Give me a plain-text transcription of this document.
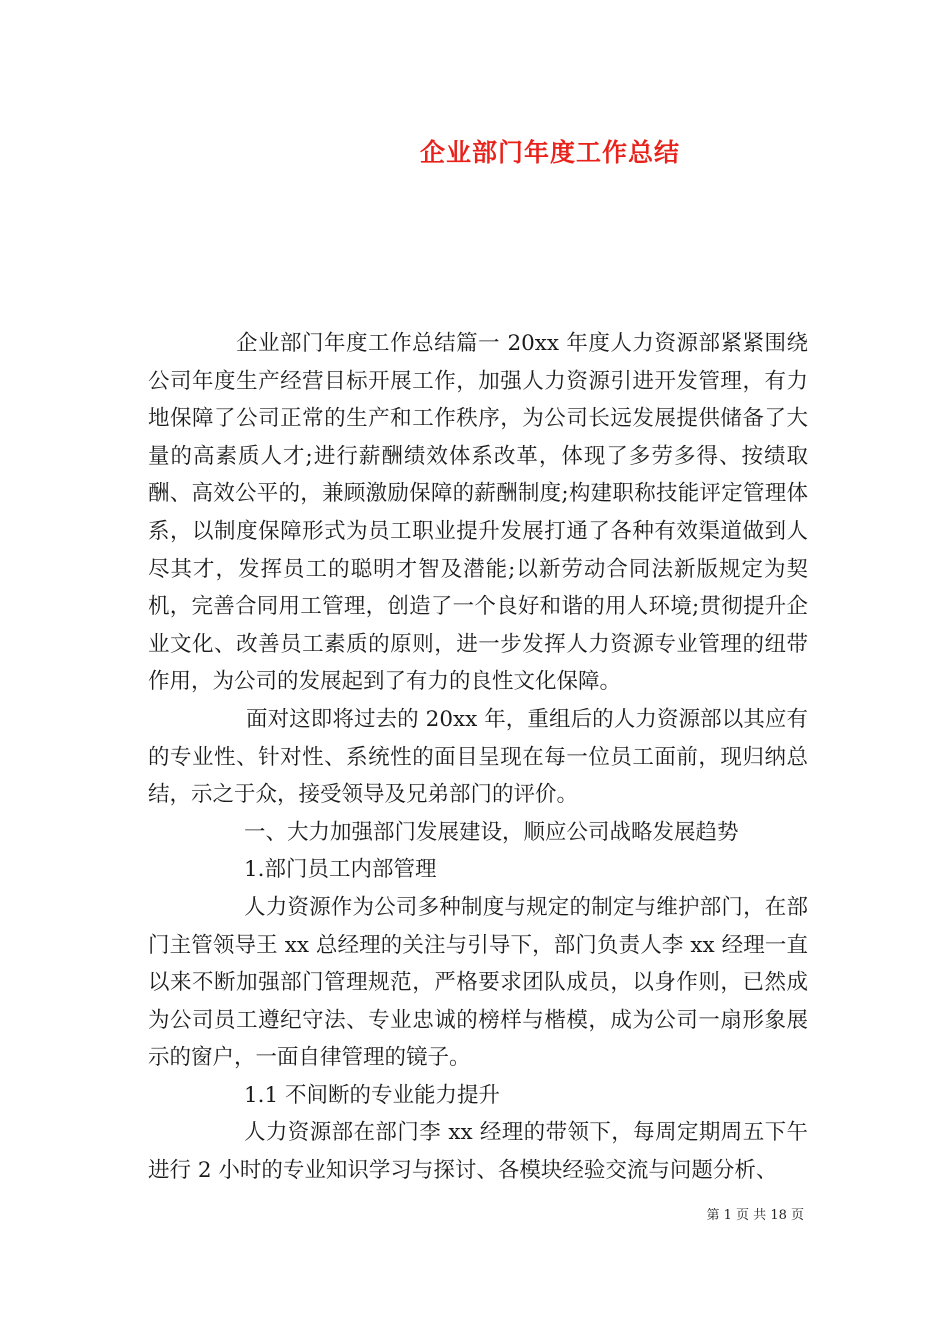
企业部门年度工作总结

企业部门年度工作总结篇一 20xx 年度人力资源部紧紧围绕公司年度生产经营目标开展工作，加强人力资源引进开发管理，有力地保障了公司正常的生产和工作秩序，为公司长远发展提供储备了大量的高素质人才;进行薪酬绩效体系改革，体现了多劳多得、按绩取酬、高效公平的，兼顾激励保障的薪酬制度;构建职称技能评定管理体系，以制度保障形式为员工职业提升发展打通了各种有效渠道做到人尽其才，发挥员工的聪明才智及潜能;以新劳动合同法新版规定为契机，完善合同用工管理，创造了一个良好和谐的用人环境;贯彻提升企业文化、改善员工素质的原则，进一步发挥人力资源专业管理的纽带作用，为公司的发展起到了有力的良性文化保障。

面对这即将过去的 20xx 年，重组后的人力资源部以其应有的专业性、针对性、系统性的面目呈现在每一位员工面前，现归纳总结，示之于众，接受领导及兄弟部门的评价。

一、大力加强部门发展建设，顺应公司战略发展趋势

1.部门员工内部管理

人力资源作为公司多种制度与规定的制定与维护部门，在部门主管领导王 xx 总经理的关注与引导下，部门负责人李 xx 经理一直以来不断加强部门管理规范，严格要求团队成员，以身作则，已然成为公司员工遵纪守法、专业忠诚的榜样与楷模，成为公司一扇形象展示的窗户，一面自律管理的镜子。

1.1 不间断的专业能力提升

人力资源部在部门李 xx 经理的带领下，每周定期周五下午进行 2 小时的专业知识学习与探讨、各模块经验交流与问题分析、

第 1 页 共 18 页
